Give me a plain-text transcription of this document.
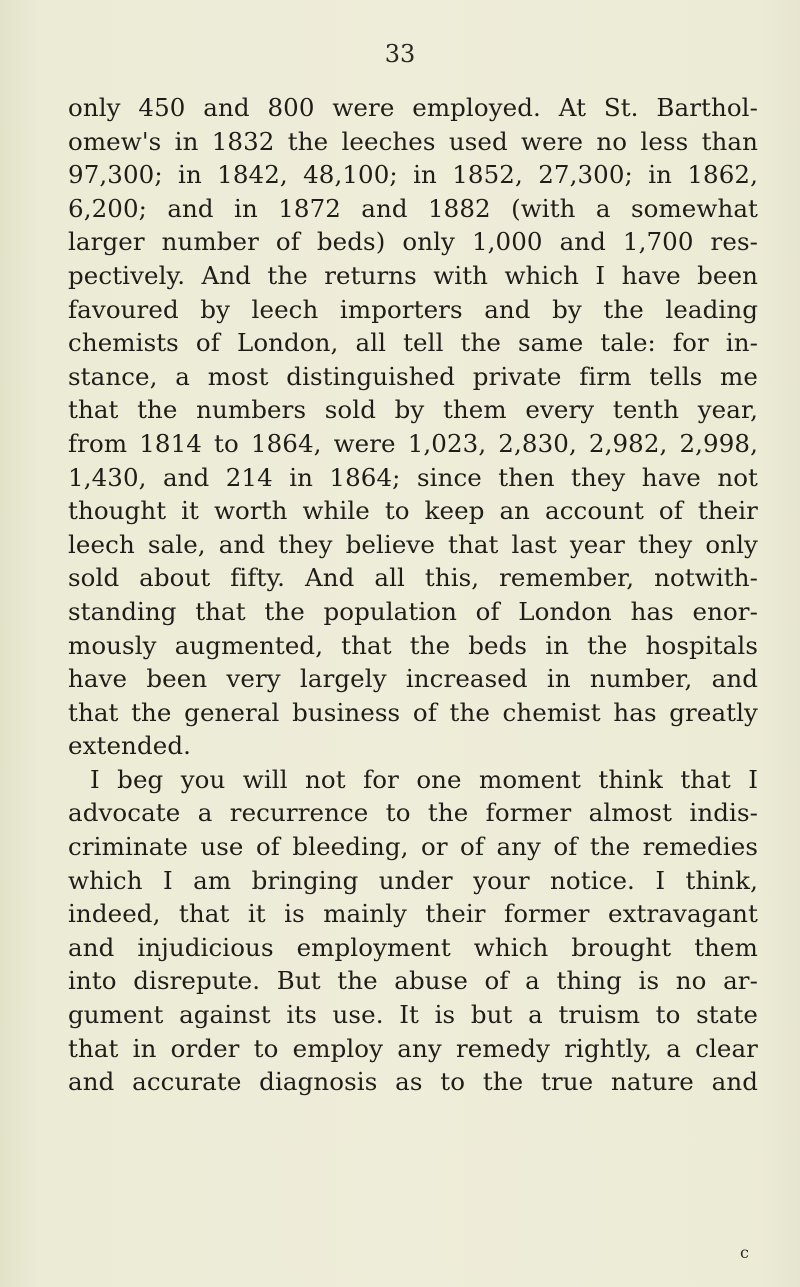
33
only 450 and 800 were employed. At St. Barthol-
omew's in 1832 the leeches used were no less than
97,300; in 1842, 48,100; in 1852, 27,300; in 1862,
6,200; and in 1872 and 1882 (with a somewhat
larger number of beds) only 1,000 and 1,700 res-
pectively. And the returns with which I have been
favoured by leech importers and by the leading
chemists of London, all tell the same tale: for in-
stance, a most distinguished private firm tells me
that the numbers sold by them every tenth year,
from 1814 to 1864, were 1,023, 2,830, 2,982, 2,998,
1,430, and 214 in 1864; since then they have not
thought it worth while to keep an account of their
leech sale, and they believe that last year they only
sold about fifty. And all this, remember, notwith-
standing that the population of London has enor-
mously augmented, that the beds in the hospitals
have been very largely increased in number, and
that the general business of the chemist has greatly
extended.
I beg you will not for one moment think that I
advocate a recurrence to the former almost indis-
criminate use of bleeding, or of any of the remedies
which I am bringing under your notice. I think,
indeed, that it is mainly their former extravagant
and injudicious employment which brought them
into disrepute. But the abuse of a thing is no ar-
gument against its use. It is but a truism to state
that in order to employ any remedy rightly, a clear
and accurate diagnosis as to the true nature and
c
